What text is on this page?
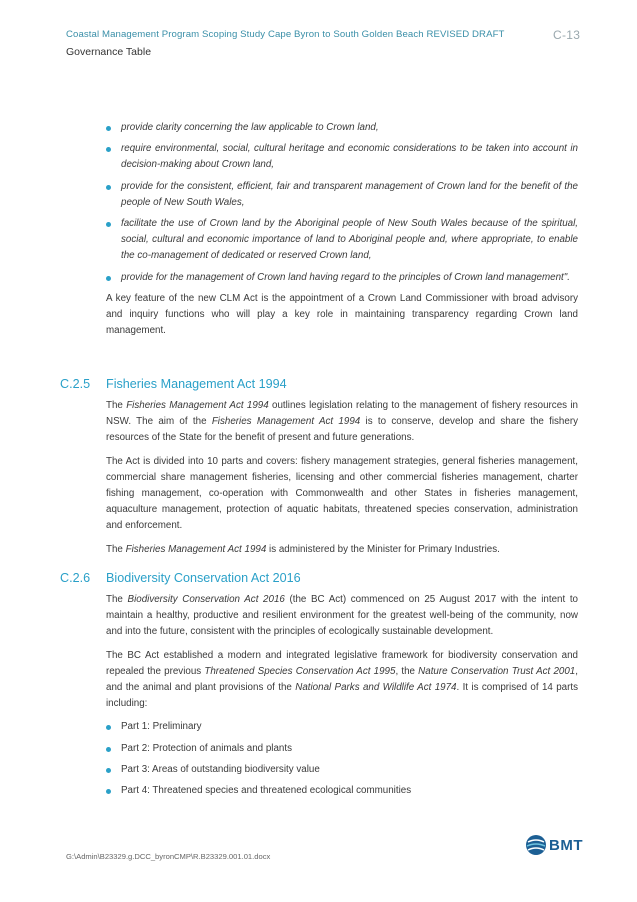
Coastal Management Program Scoping Study Cape Byron to South Golden Beach REVISED DRAFT	C-13
Governance Table
provide clarity concerning the law applicable to Crown land,
require environmental, social, cultural heritage and economic considerations to be taken into account in decision-making about Crown land,
provide for the consistent, efficient, fair and transparent management of Crown land for the benefit of the people of New South Wales,
facilitate the use of Crown land by the Aboriginal people of New South Wales because of the spiritual, social, cultural and economic importance of land to Aboriginal people and, where appropriate, to enable the co-management of dedicated or reserved Crown land,
provide for the management of Crown land having regard to the principles of Crown land management".

A key feature of the new CLM Act is the appointment of a Crown Land Commissioner with broad advisory and inquiry functions who will play a key role in maintaining transparency regarding Crown land management.

C.2.5 Fisheries Management Act 1994

The Fisheries Management Act 1994 outlines legislation relating to the management of fishery resources in NSW. The aim of the Fisheries Management Act 1994 is to conserve, develop and share the fishery resources of the State for the benefit of present and future generations.

The Act is divided into 10 parts and covers: fishery management strategies, general fisheries management, commercial share management fisheries, licensing and other commercial fisheries management, charter fishing management, co-operation with Commonwealth and other States in fisheries management, aquaculture management, protection of aquatic habitats, threatened species conservation, administration and enforcement.

The Fisheries Management Act 1994 is administered by the Minister for Primary Industries.

C.2.6 Biodiversity Conservation Act 2016

The Biodiversity Conservation Act 2016 (the BC Act) commenced on 25 August 2017 with the intent to maintain a healthy, productive and resilient environment for the greatest well-being of the community, now and into the future, consistent with the principles of ecologically sustainable development.

The BC Act established a modern and integrated legislative framework for biodiversity conservation and repealed the previous Threatened Species Conservation Act 1995, the Nature Conservation Trust Act 2001, and the animal and plant provisions of the National Parks and Wildlife Act 1974. It is comprised of 14 parts including:

Part 1: Preliminary
Part 2: Protection of animals and plants
Part 3: Areas of outstanding biodiversity value
Part 4: Threatened species and threatened ecological communities
G:\Admin\B23329.g.DCC_byronCMP\R.B23329.001.01.docx
BMT
